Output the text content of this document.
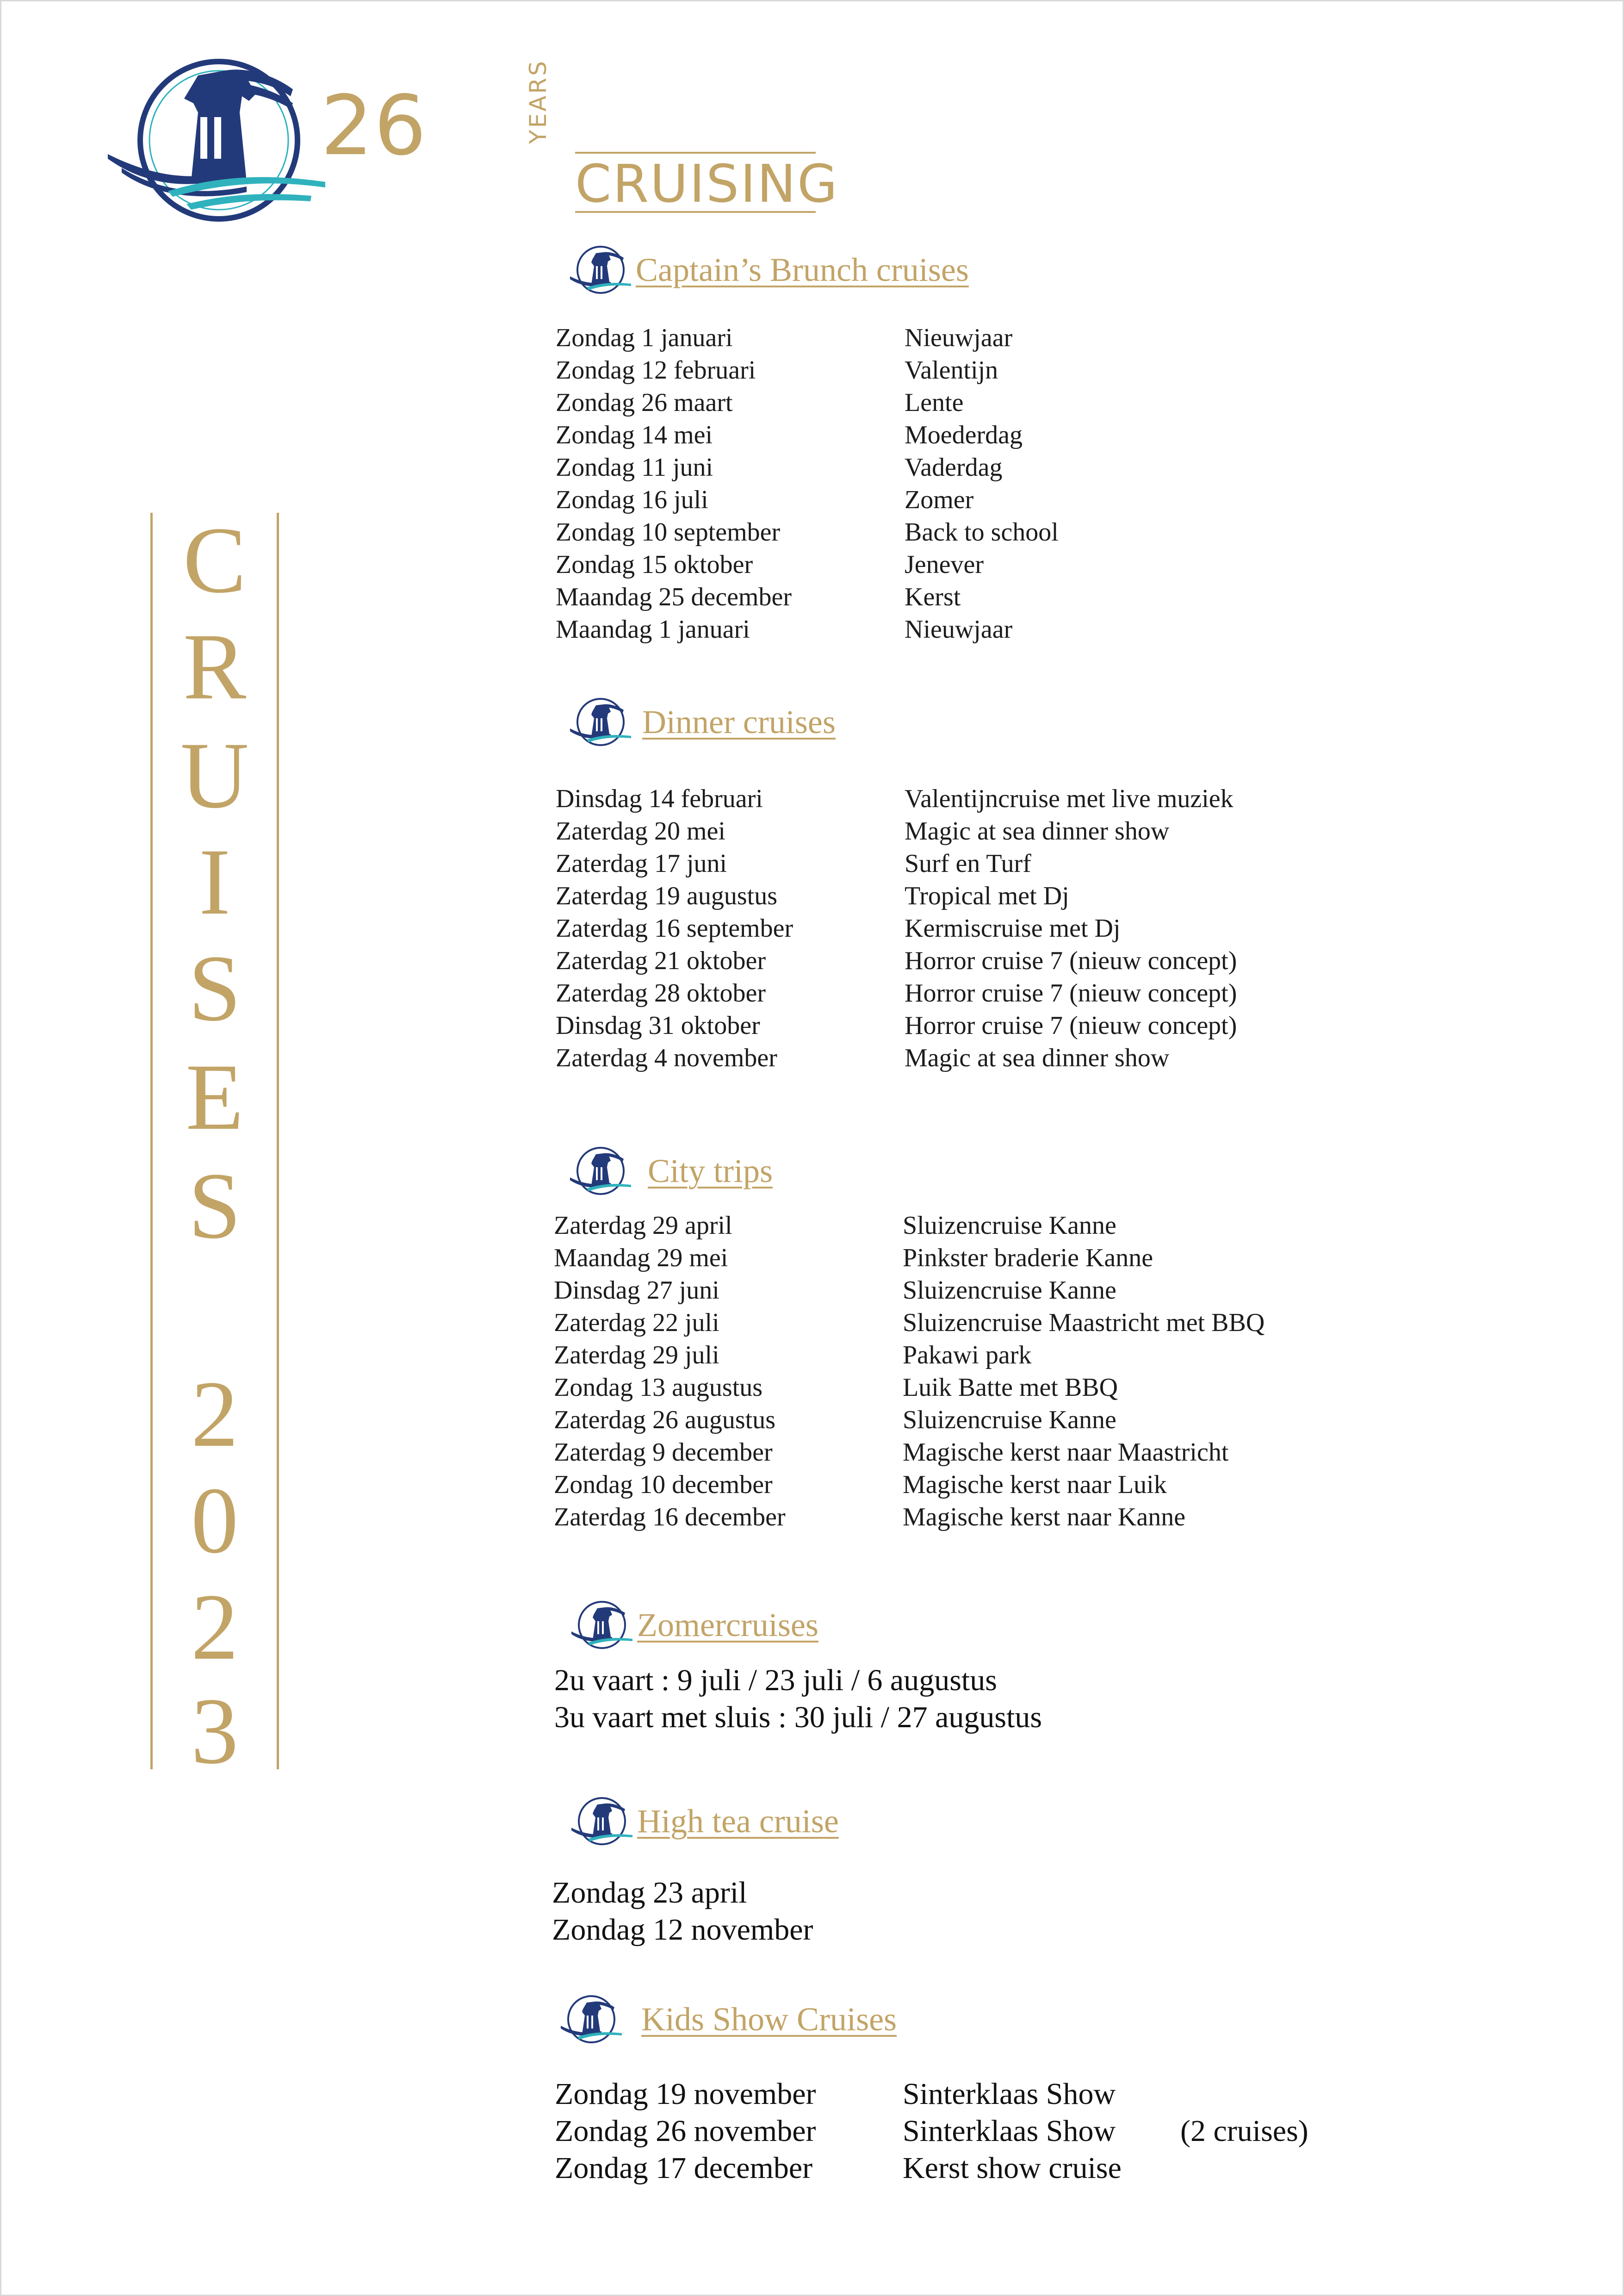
26	YEARS
CRUISING
C
R
U
I
S
E
S
2
0
2
3
Captain’s Brunch cruises
Zondag 1 januari	Nieuwjaar
Zondag 12 februari	Valentijn
Zondag 26 maart	Lente
Zondag 14 mei	Moederdag
Zondag 11 juni	Vaderdag
Zondag 16 juli	Zomer
Zondag 10 september	Back to school
Zondag 15 oktober	Jenever
Maandag 25 december	Kerst
Maandag 1 januari	Nieuwjaar
Dinner cruises
Dinsdag 14 februari	Valentijncruise met live muziek
Zaterdag 20 mei	Magic at sea dinner show
Zaterdag 17 juni	Surf en Turf
Zaterdag 19 augustus	Tropical met Dj
Zaterdag 16 september	Kermiscruise met Dj
Zaterdag 21 oktober	Horror cruise 7 (nieuw concept)
Zaterdag 28 oktober	Horror cruise 7 (nieuw concept)
Dinsdag 31 oktober	Horror cruise 7 (nieuw concept)
Zaterdag 4 november	Magic at sea dinner show
City trips
Zaterdag 29 april	Sluizencruise Kanne
Maandag 29 mei	Pinkster braderie Kanne
Dinsdag 27 juni	Sluizencruise Kanne
Zaterdag 22 juli	Sluizencruise Maastricht met BBQ
Zaterdag 29 juli	Pakawi park
Zondag 13 augustus	Luik Batte met BBQ
Zaterdag 26 augustus	Sluizencruise Kanne
Zaterdag 9 december	Magische kerst naar Maastricht
Zondag 10 december	Magische kerst naar Luik
Zaterdag 16 december	Magische kerst naar Kanne
Zomercruises
2u vaart : 9 juli / 23 juli / 6 augustus
3u vaart met sluis : 30 juli / 27 augustus
High tea cruise
Zondag 23 april
Zondag 12 november
Kids Show Cruises
Zondag 19 november	Sinterklaas Show
Zondag 26 november	Sinterklaas Show (2 cruises)
Zondag 17 december	Kerst show cruise
